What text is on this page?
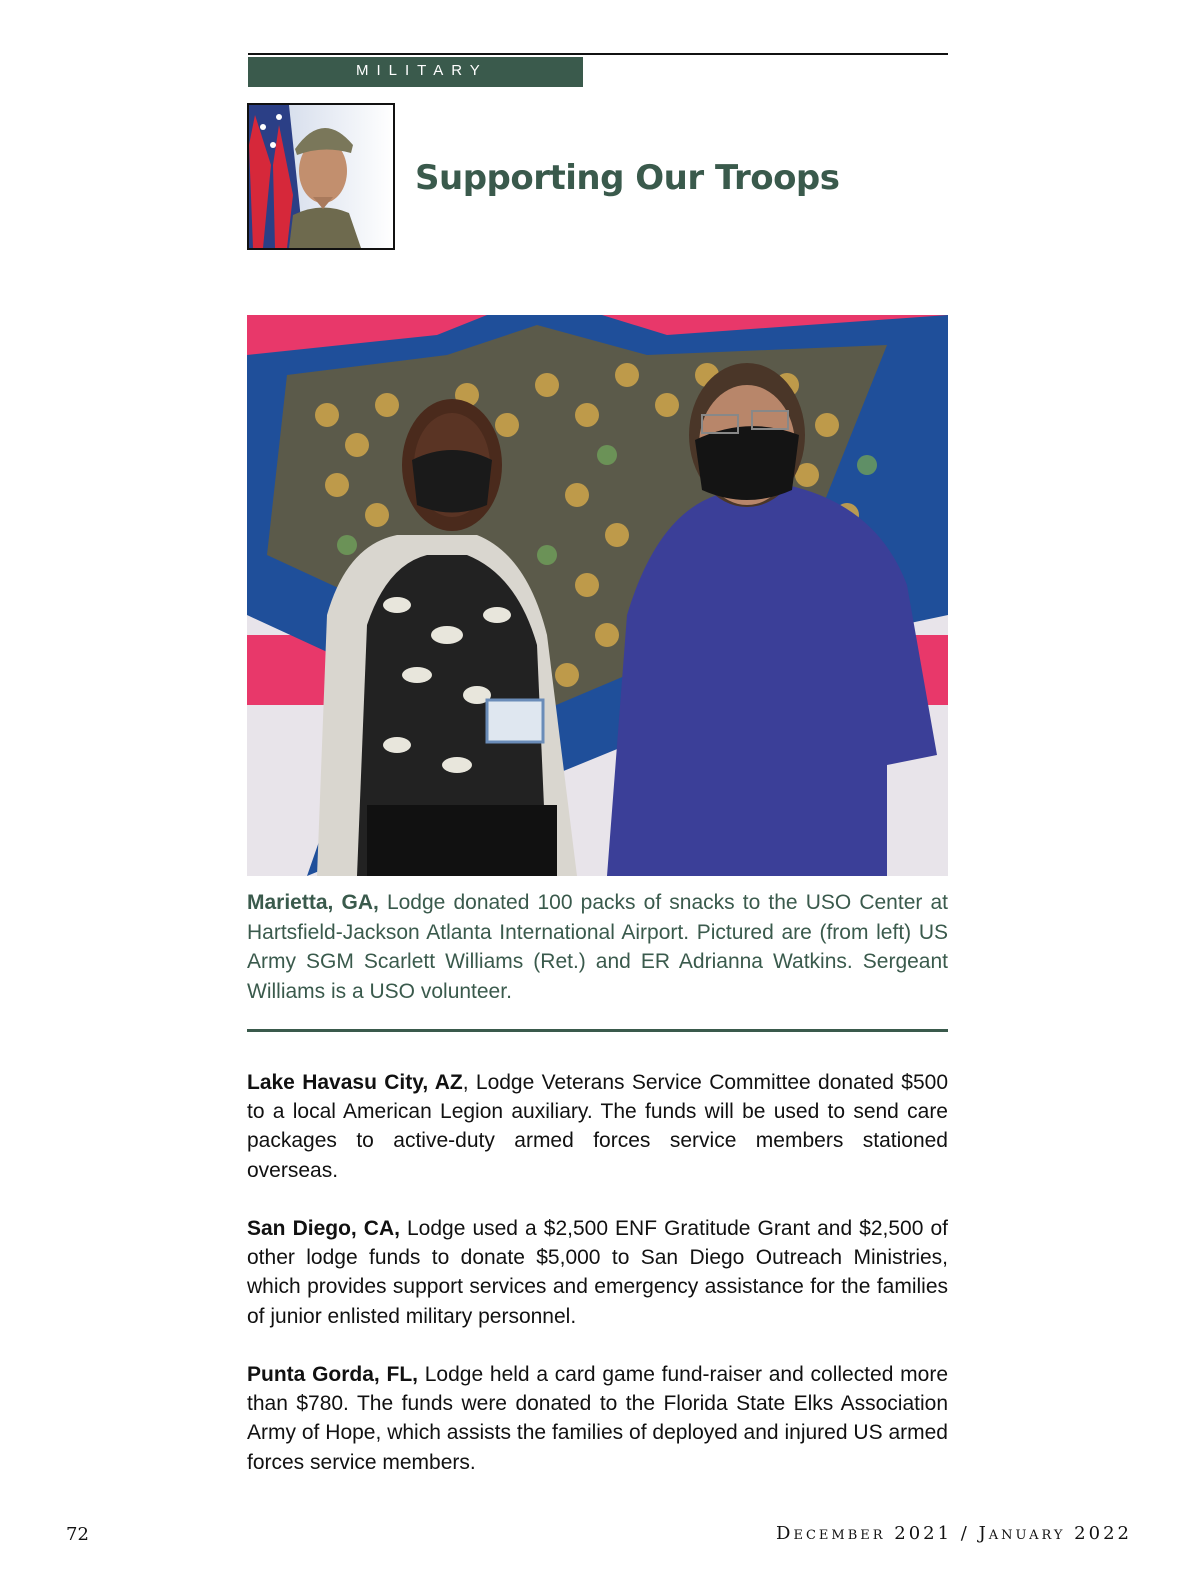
MILITARY
Supporting Our Troops

Marietta, GA, Lodge donated 100 packs of snacks to the USO Center at Hartsfield-Jackson Atlanta International Airport. Pictured are (from left) US Army SGM Scarlett Williams (Ret.) and ER Adrianna Watkins. Sergeant Williams is a USO volunteer.

Lake Havasu City, AZ, Lodge Veterans Service Committee donated $500 to a local American Legion auxiliary. The funds will be used to send care packages to active-duty armed forces service members stationed overseas.

San Diego, CA, Lodge used a $2,500 ENF Gratitude Grant and $2,500 of other lodge funds to donate $5,000 to San Diego Outreach Ministries, which provides support services and emergency assistance for the families of junior enlisted military personnel.

Punta Gorda, FL, Lodge held a card game fund-raiser and collected more than $780. The funds were donated to the Florida State Elks Association Army of Hope, which assists the families of deployed and injured US armed forces service members.

72	December 2021 / January 2022
